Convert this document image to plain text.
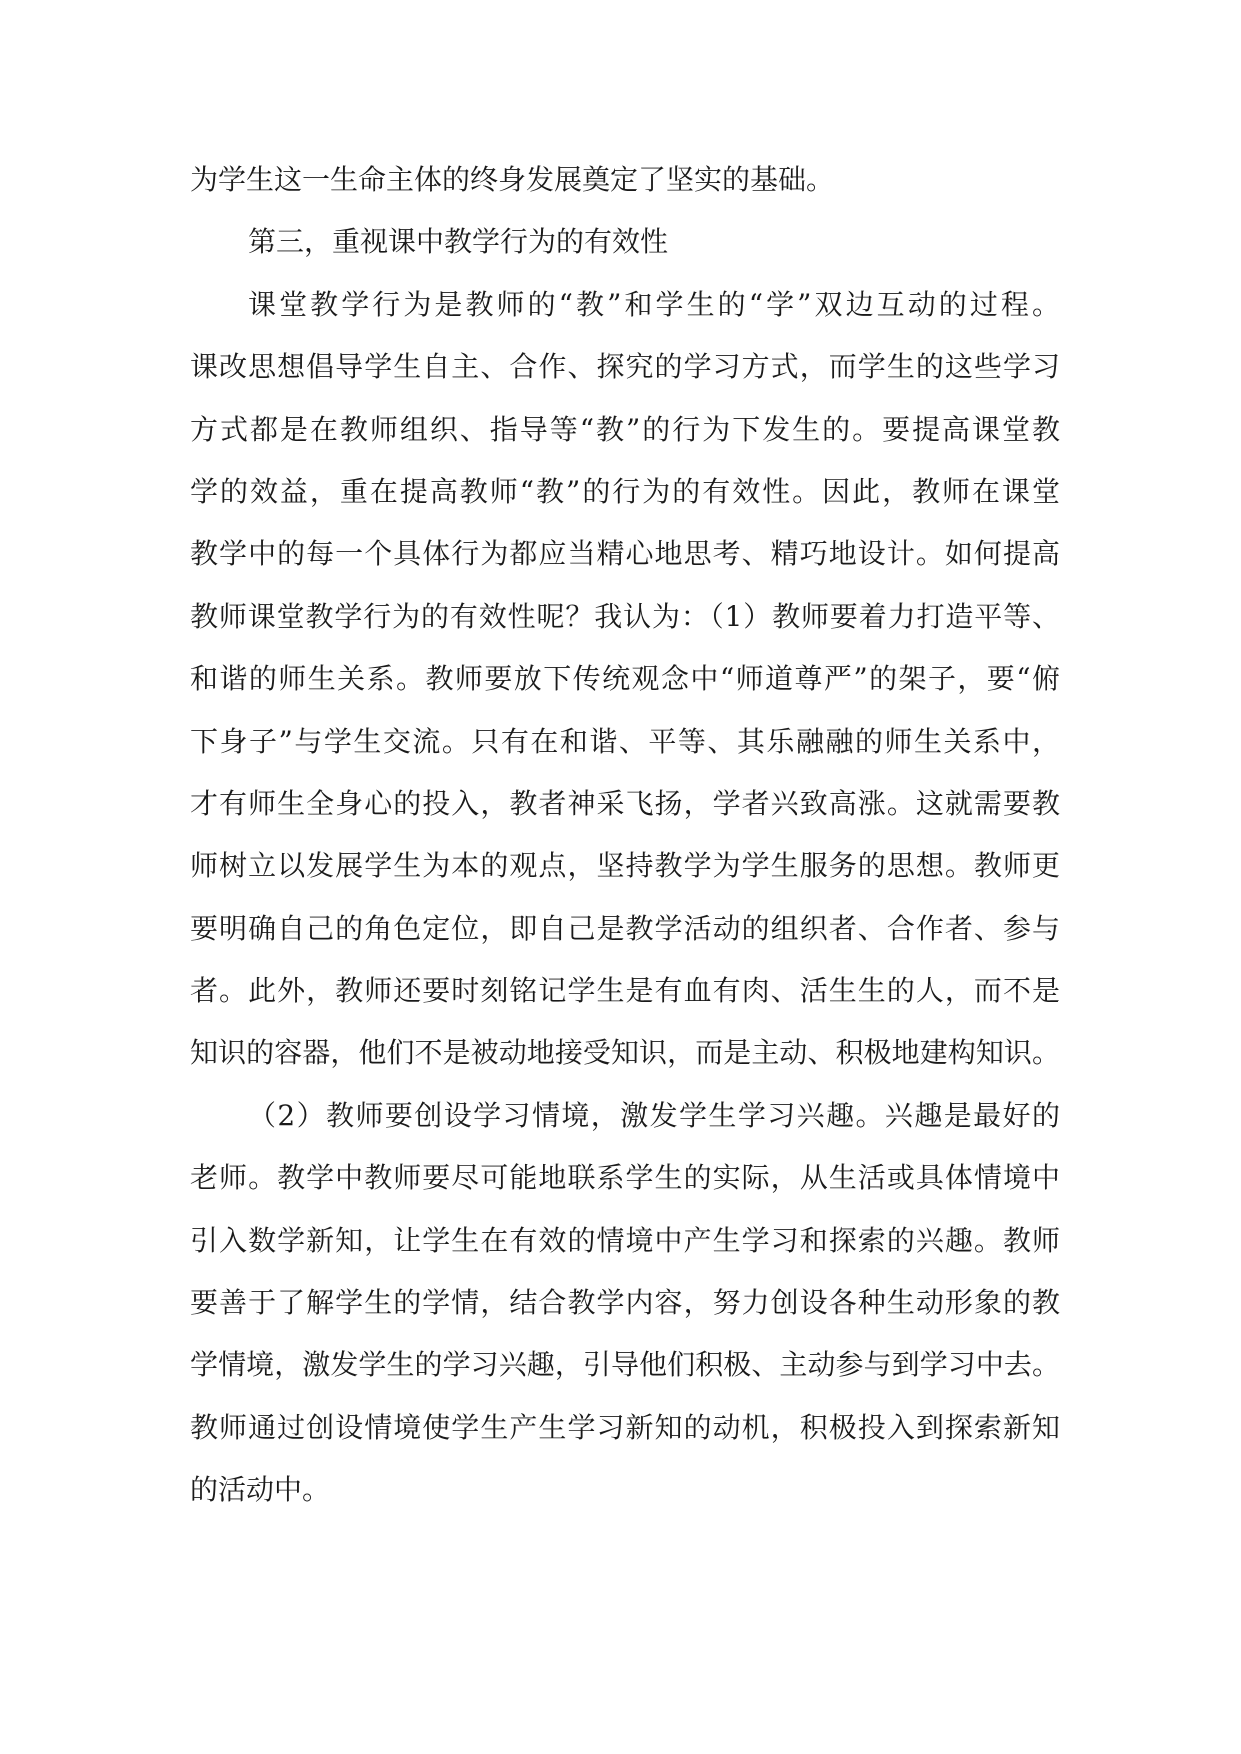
为学生这一生命主体的终身发展奠定了坚实的基础。
第三，重视课中教学行为的有效性
课堂教学行为是教师的“教”和学生的“学”双边互动的过程。
课改思想倡导学生自主、合作、探究的学习方式，而学生的这些学习
方式都是在教师组织、指导等“教”的行为下发生的。要提高课堂教
学的效益，重在提高教师“教”的行为的有效性。因此，教师在课堂
教学中的每一个具体行为都应当精心地思考、精巧地设计。如何提高
教师课堂教学行为的有效性呢？我认为：（1）教师要着力打造平等、
和谐的师生关系。教师要放下传统观念中“师道尊严”的架子，要“俯
下身子”与学生交流。只有在和谐、平等、其乐融融的师生关系中，
才有师生全身心的投入，教者神采飞扬，学者兴致高涨。这就需要教
师树立以发展学生为本的观点，坚持教学为学生服务的思想。教师更
要明确自己的角色定位，即自己是教学活动的组织者、合作者、参与
者。此外，教师还要时刻铭记学生是有血有肉、活生生的人，而不是
知识的容器，他们不是被动地接受知识，而是主动、积极地建构知识。
（2）教师要创设学习情境，激发学生学习兴趣。兴趣是最好的
老师。教学中教师要尽可能地联系学生的实际，从生活或具体情境中
引入数学新知，让学生在有效的情境中产生学习和探索的兴趣。教师
要善于了解学生的学情，结合教学内容，努力创设各种生动形象的教
学情境，激发学生的学习兴趣，引导他们积极、主动参与到学习中去。
教师通过创设情境使学生产生学习新知的动机，积极投入到探索新知
的活动中。
